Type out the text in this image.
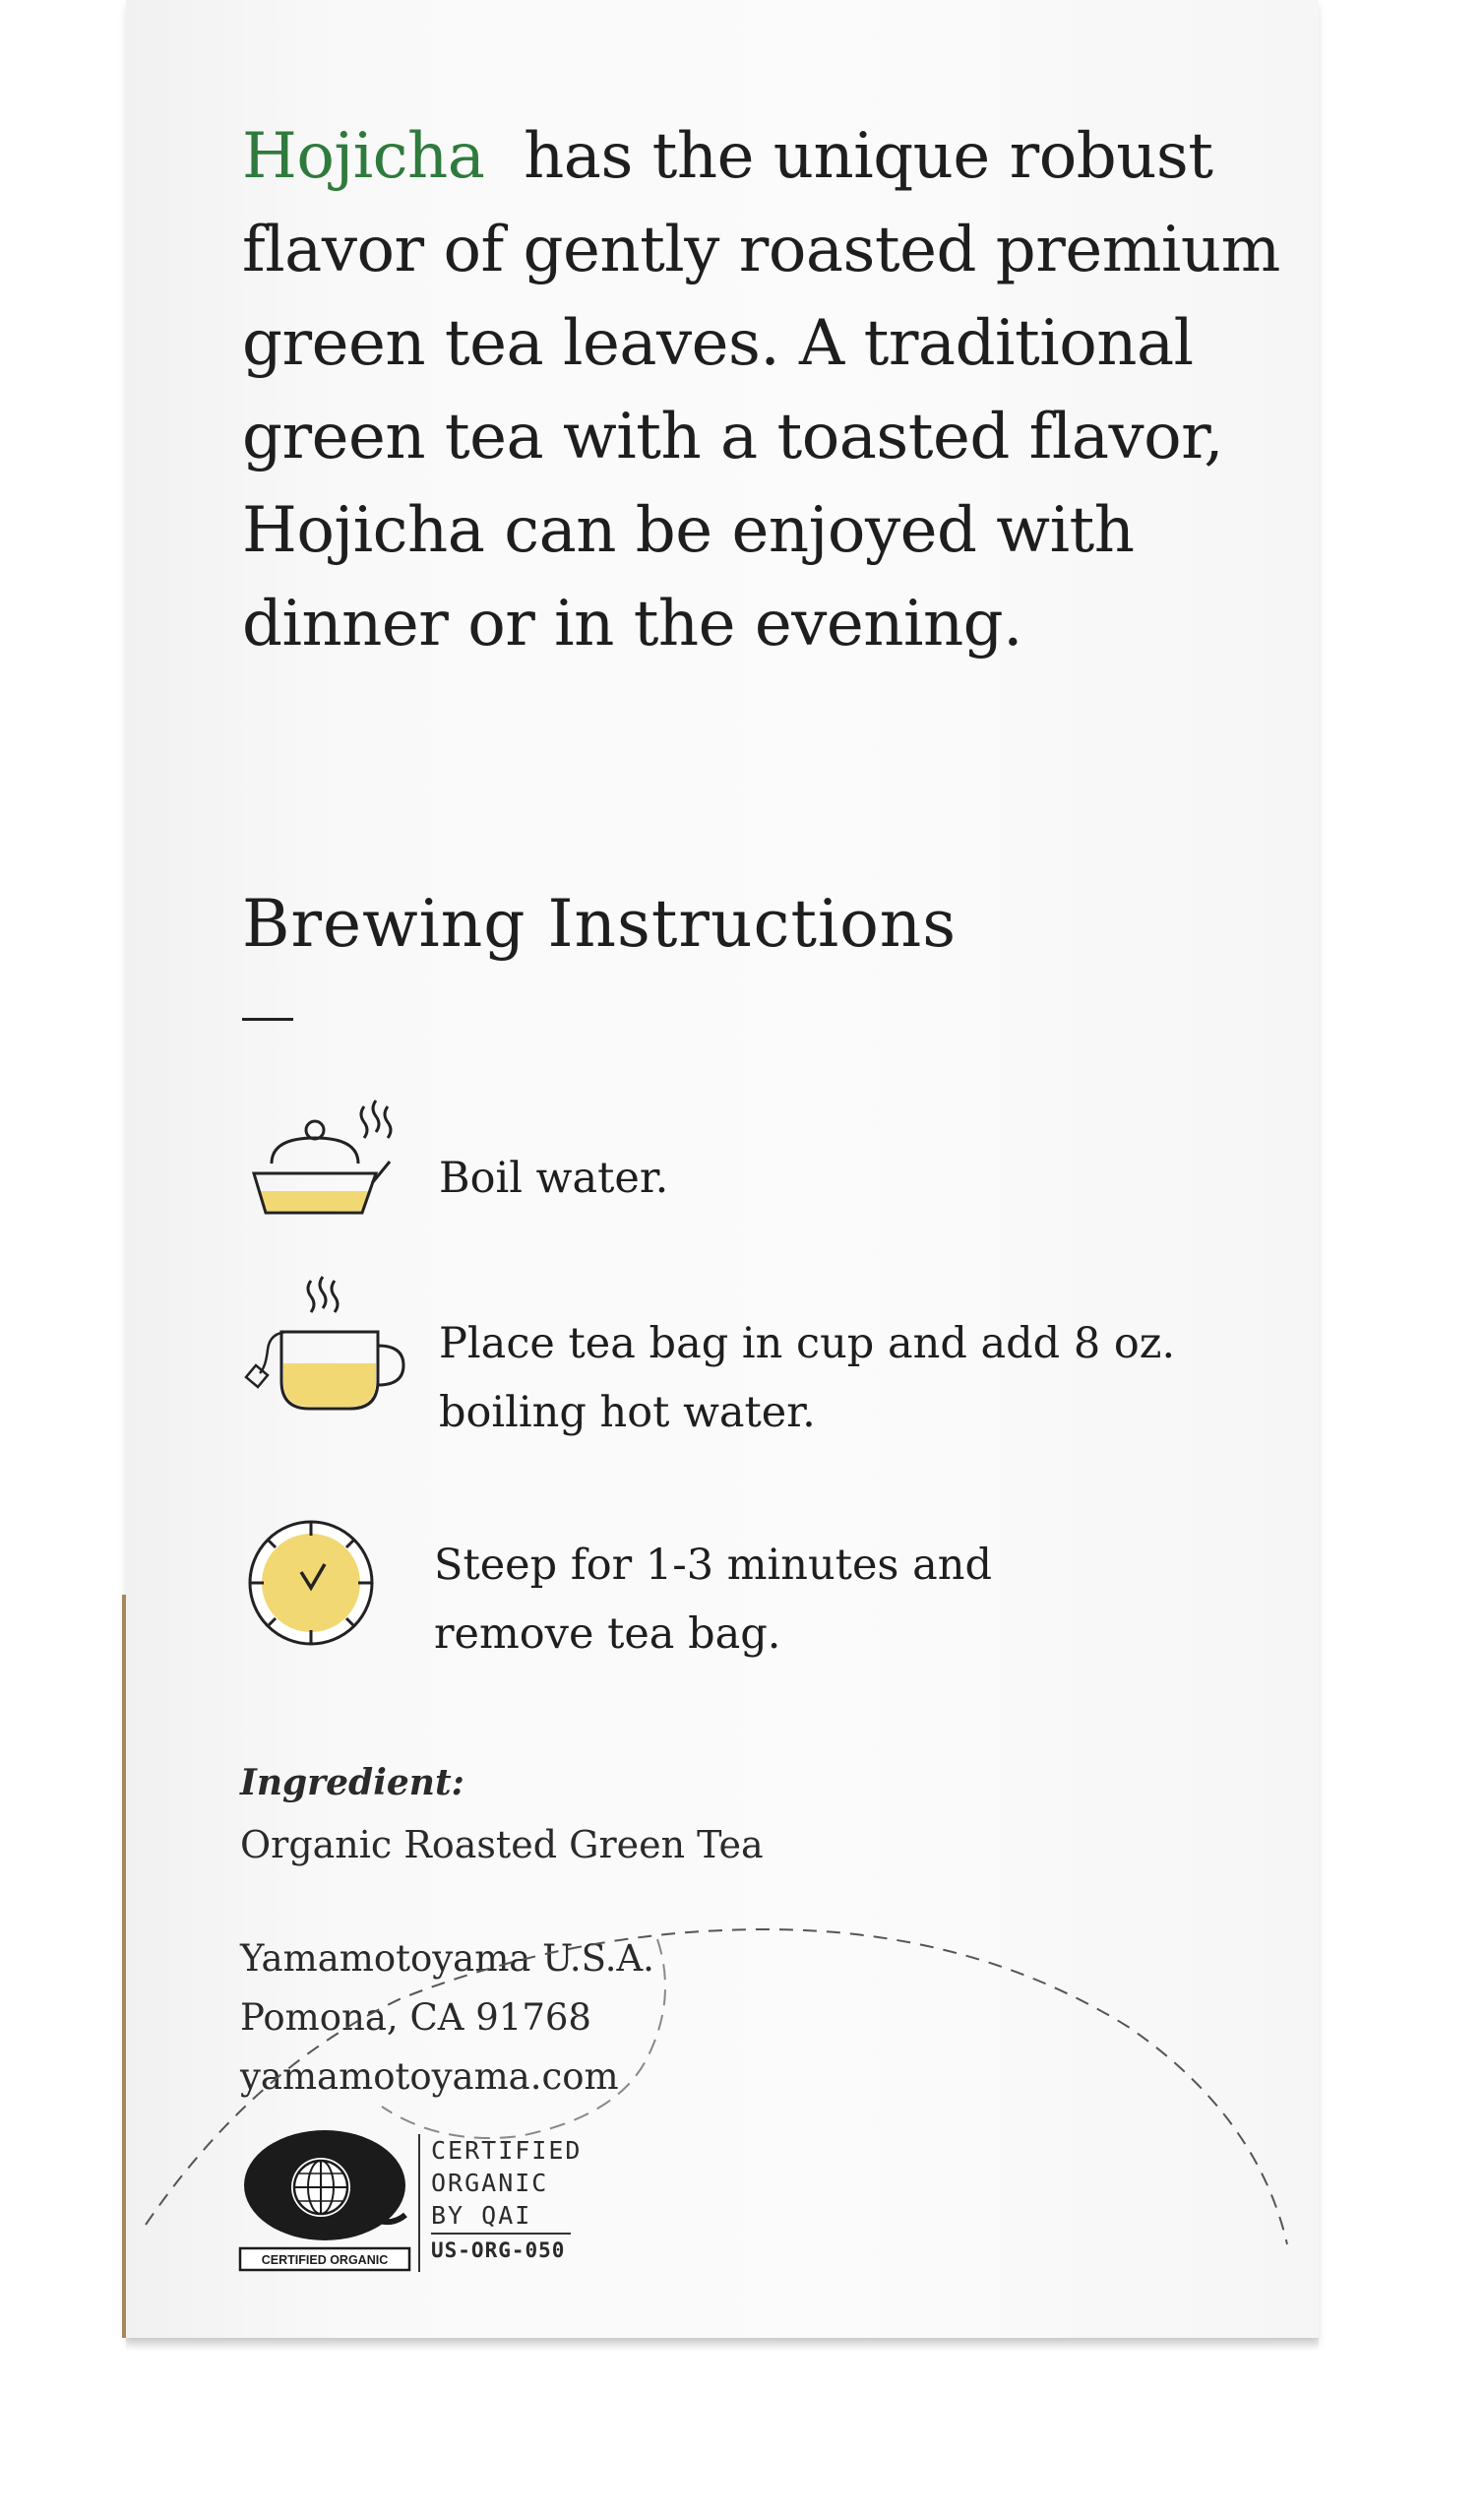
Hojicha has the unique robust
flavor of gently roasted premium
green tea leaves. A traditional
green tea with a toasted flavor,
Hojicha can be enjoyed with
dinner or in the evening.

Brewing Instructions
Boil water.
Place tea bag in cup and add 8 oz.
boiling hot water.
Steep for 1-3 minutes and
remove tea bag.
Ingredient:
Organic Roasted Green Tea
Yamamotoyama U.S.A.
Pomona, CA 91768
yamamotoyama.com
CERTIFIED ORGANIC
CERTIFIED
ORGANIC
BY QAI
US-ORG-050
